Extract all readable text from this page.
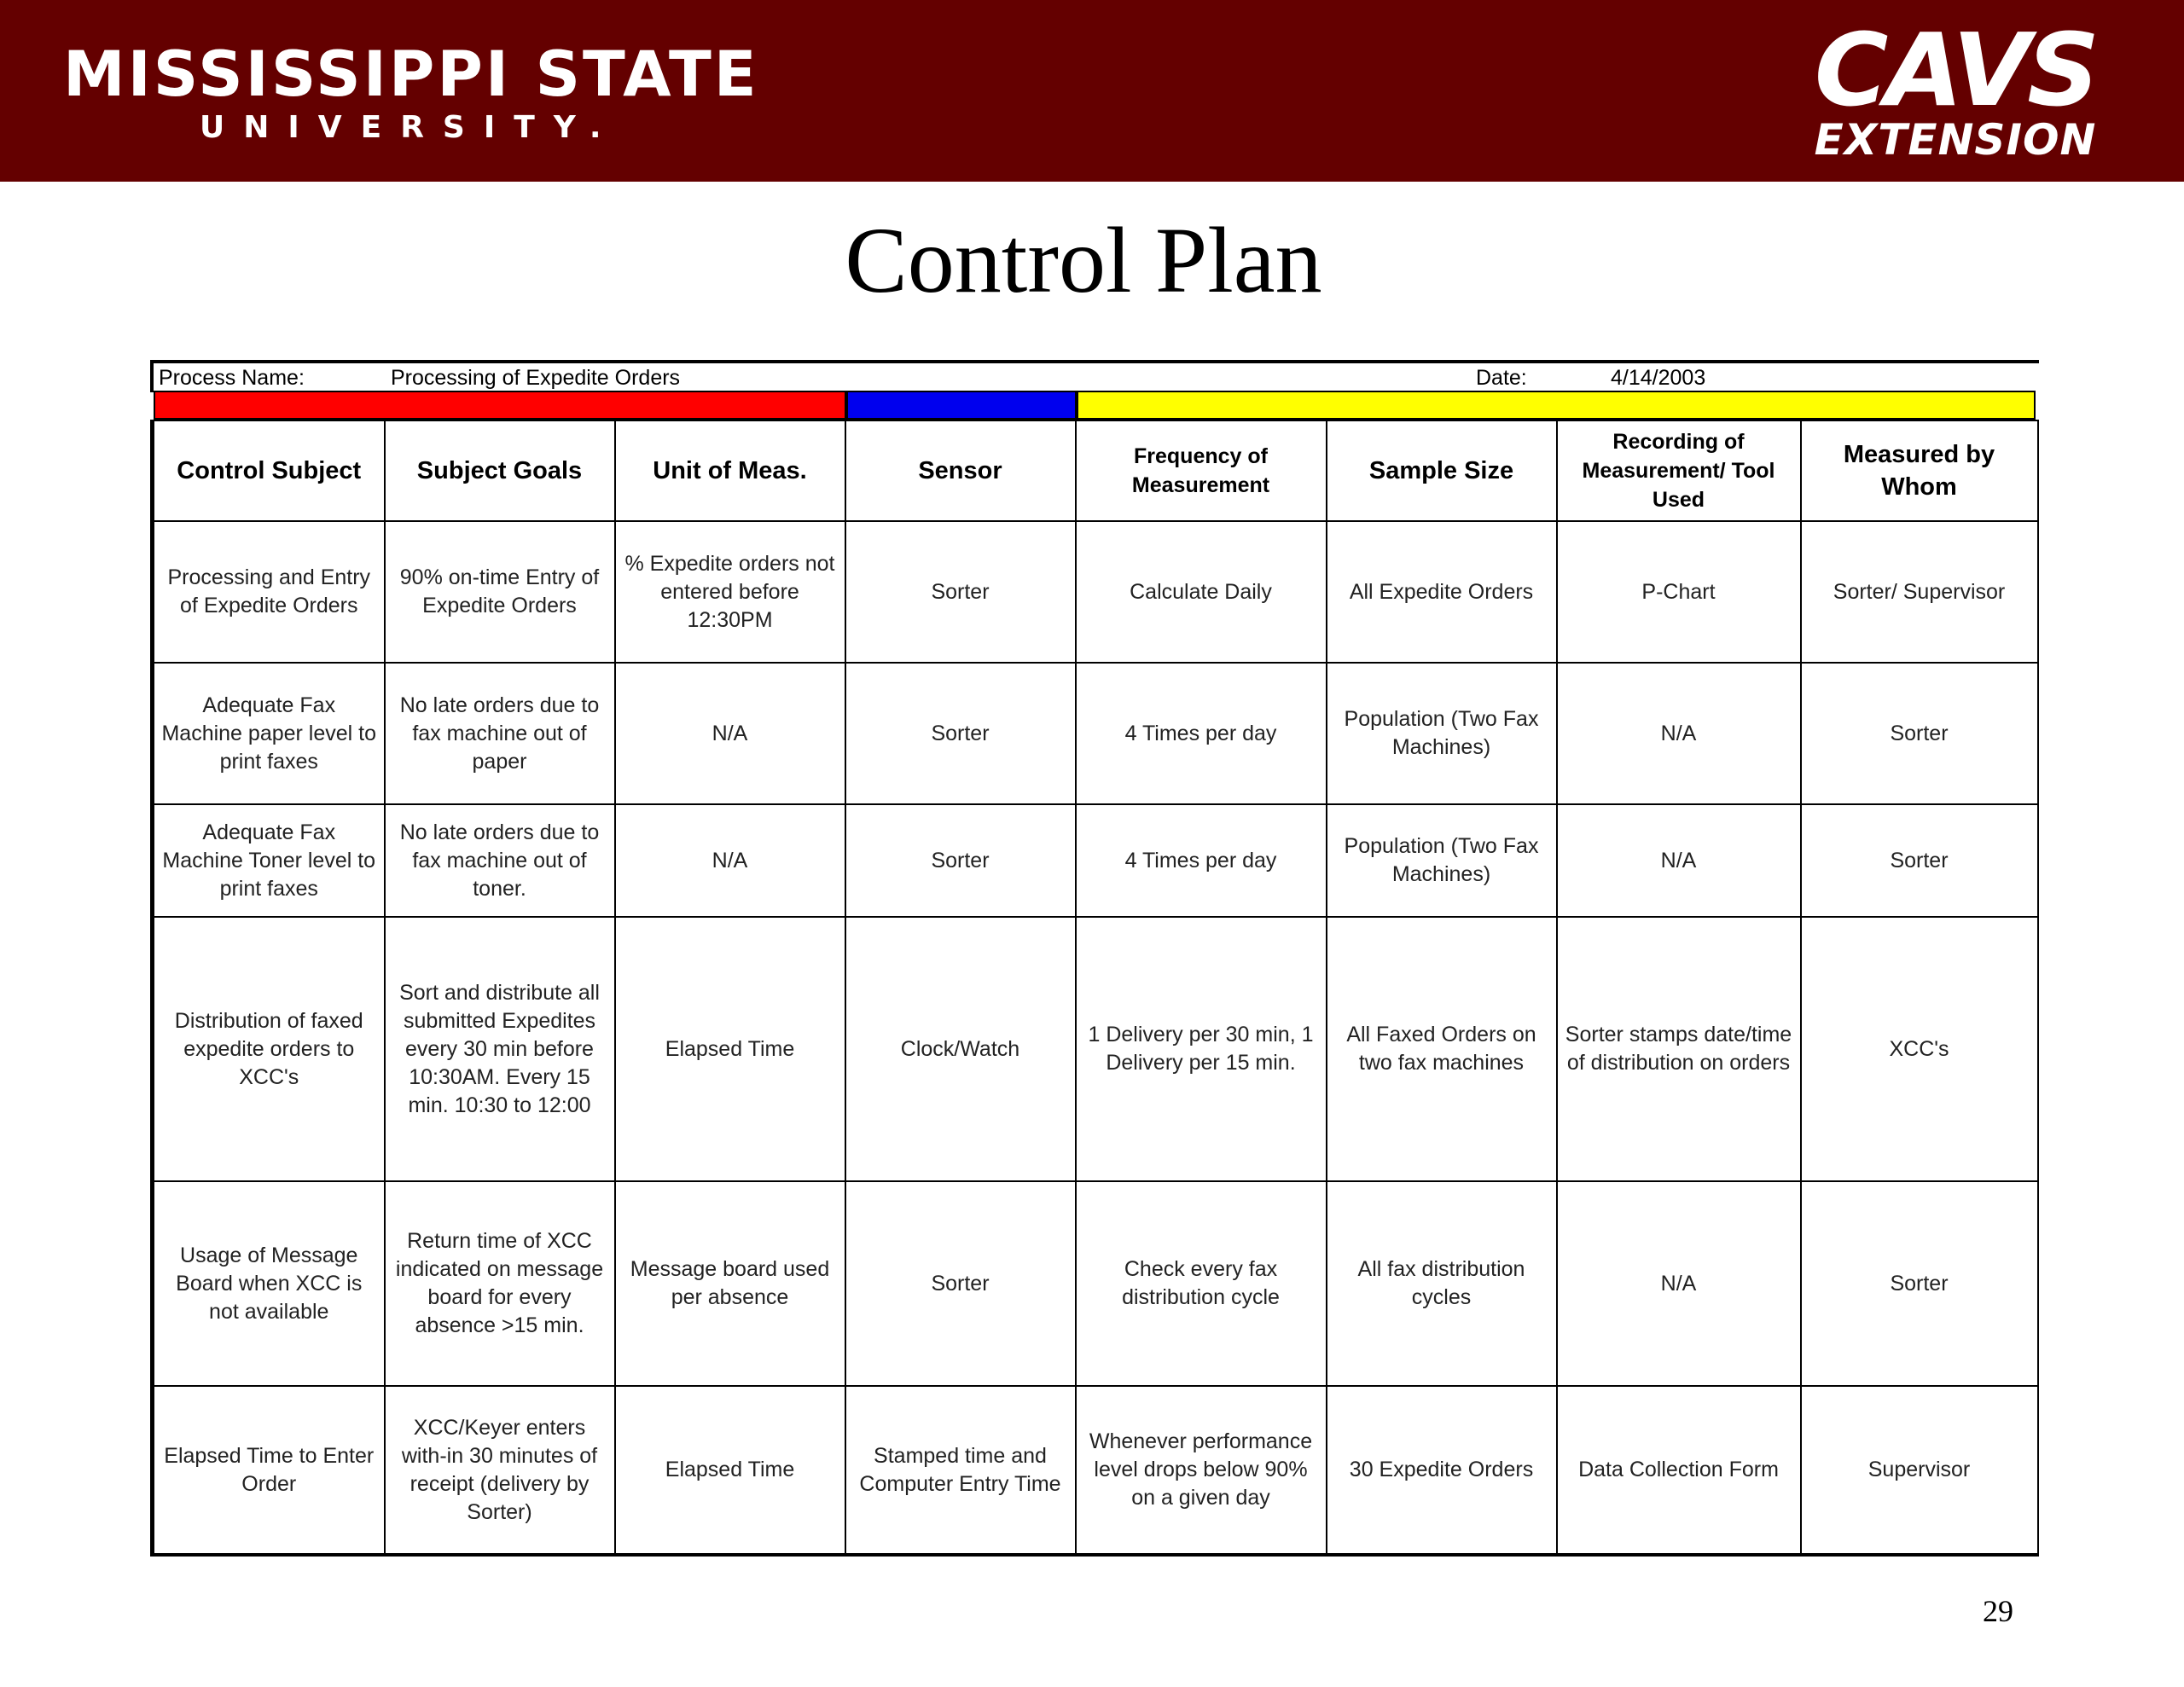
MISSISSIPPI STATE
UNIVERSITY.	CAVS
EXTENSION
Control Plan
Process Name:	Processing of Expedite Orders	Date:	4/14/2003
Control Subject	Subject Goals	Unit of Meas.	Sensor	Frequency of Measurement	Sample Size	Recording of Measurement/ Tool Used	Measured by Whom
Processing and Entry of Expedite Orders	90% on-time Entry of Expedite Orders	% Expedite orders not entered before 12:30PM	Sorter	Calculate Daily	All Expedite Orders	P-Chart	Sorter/ Supervisor
Adequate Fax Machine paper level to print faxes	No late orders due to fax machine out of paper	N/A	Sorter	4 Times per day	Population (Two Fax Machines)	N/A	Sorter
Adequate Fax Machine Toner level to print faxes	No late orders due to fax machine out of toner.	N/A	Sorter	4 Times per day	Population (Two Fax Machines)	N/A	Sorter
Distribution of faxed expedite orders to XCC's	Sort and distribute all submitted Expedites every 30 min before 10:30AM. Every 15 min. 10:30 to 12:00	Elapsed Time	Clock/Watch	1 Delivery per 30 min, 1 Delivery per 15 min.	All Faxed Orders on two fax machines	Sorter stamps date/time of distribution on orders	XCC's
Usage of Message Board when XCC is not available	Return time of XCC indicated on message board for every absence >15 min.	Message board used per absence	Sorter	Check every fax distribution cycle	All fax distribution cycles	N/A	Sorter
Elapsed Time to Enter Order	XCC/Keyer enters with-in 30 minutes of receipt (delivery by Sorter)	Elapsed Time	Stamped time and Computer Entry Time	Whenever performance level drops below 90% on a given day	30 Expedite Orders	Data Collection Form	Supervisor
29
